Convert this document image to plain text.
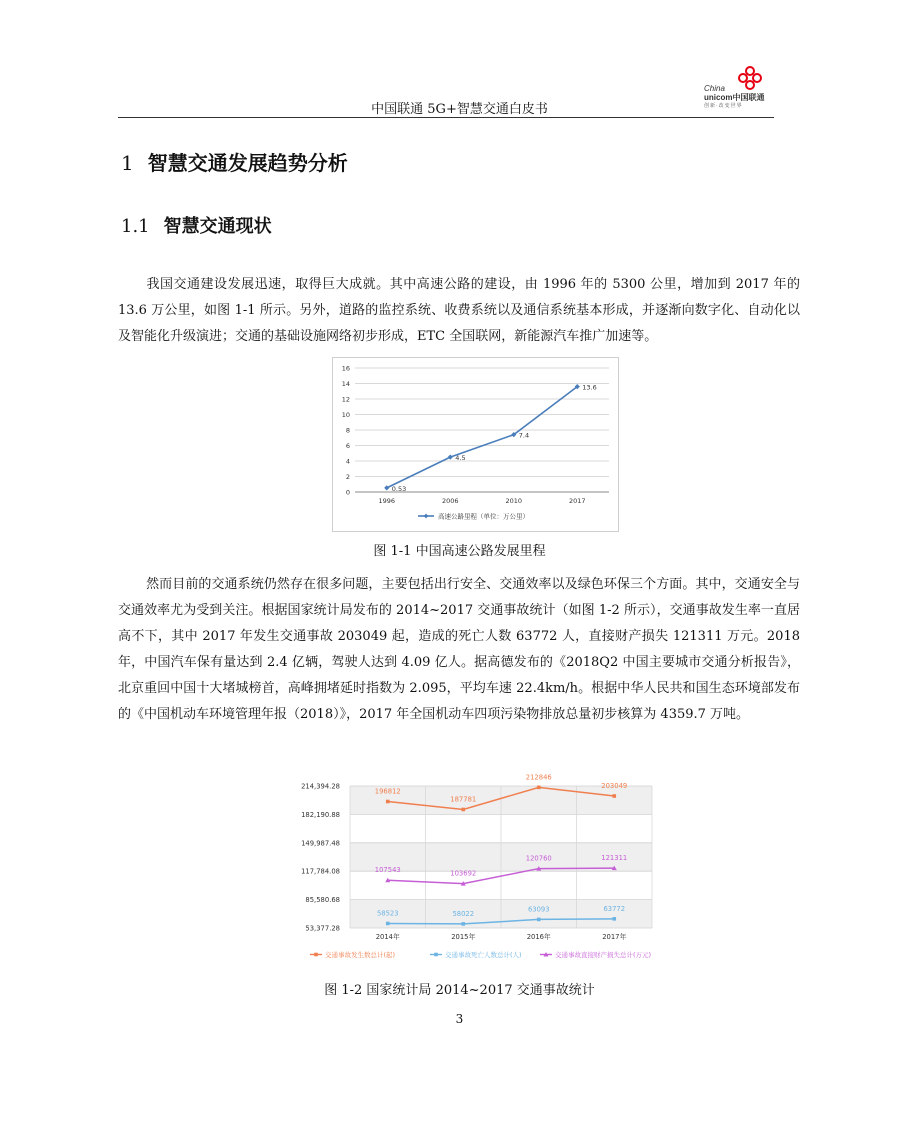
中国联通 5G+智慧交通白皮书
China
unicom中国联通
创新·改变世界
1 智慧交通发展趋势分析
1.1 智慧交通现状
我国交通建设发展迅速，取得巨大成就。其中高速公路的建设，由 1996 年的 5300 公里，增加到 2017 年的 13.6 万公里，如图 1-1 所示。另外，道路的监控系统、收费系统以及通信系统基本形成，并逐渐向数字化、自动化以及智能化升级演进；交通的基础设施网络初步形成，ETC 全国联网，新能源汽车推广加速等。
0
2
4
6
8
10
12
14
16
1996	2006	2010	2017
0.53
4.5
7.4
13.6
高速公路里程（单位：万公里）
图 1-1 中国高速公路发展里程
然而目前的交通系统仍然存在很多问题，主要包括出行安全、交通效率以及绿色环保三个方面。其中，交通安全与交通效率尤为受到关注。根据国家统计局发布的 2014~2017 交通事故统计（如图 1-2 所示），交通事故发生率一直居高不下，其中 2017 年发生交通事故 203049 起，造成的死亡人数 63772 人，直接财产损失 121311 万元。2018 年，中国汽车保有量达到 2.4 亿辆，驾驶人达到 4.09 亿人。据高德发布的《2018Q2 中国主要城市交通分析报告》，北京重回中国十大堵城榜首，高峰拥堵延时指数为 2.095，平均车速 22.4km/h。根据中华人民共和国生态环境部发布的《中国机动车环境管理年报（2018）》，2017 年全国机动车四项污染物排放总量初步核算为 4359.7 万吨。
53,377.28
85,580.68
117,784.08
149,987.48
182,190.88
214,394.28
2014年	2015年	2016年	2017年
196812
187781
212846
203049
58523	58022
63093	63772
107543	103692
120760	121311
交通事故发生数总计(起)	交通事故死亡人数总计(人)	交通事故直接财产损失总计(万元)
图 1-2 国家统计局 2014~2017 交通事故统计
3
